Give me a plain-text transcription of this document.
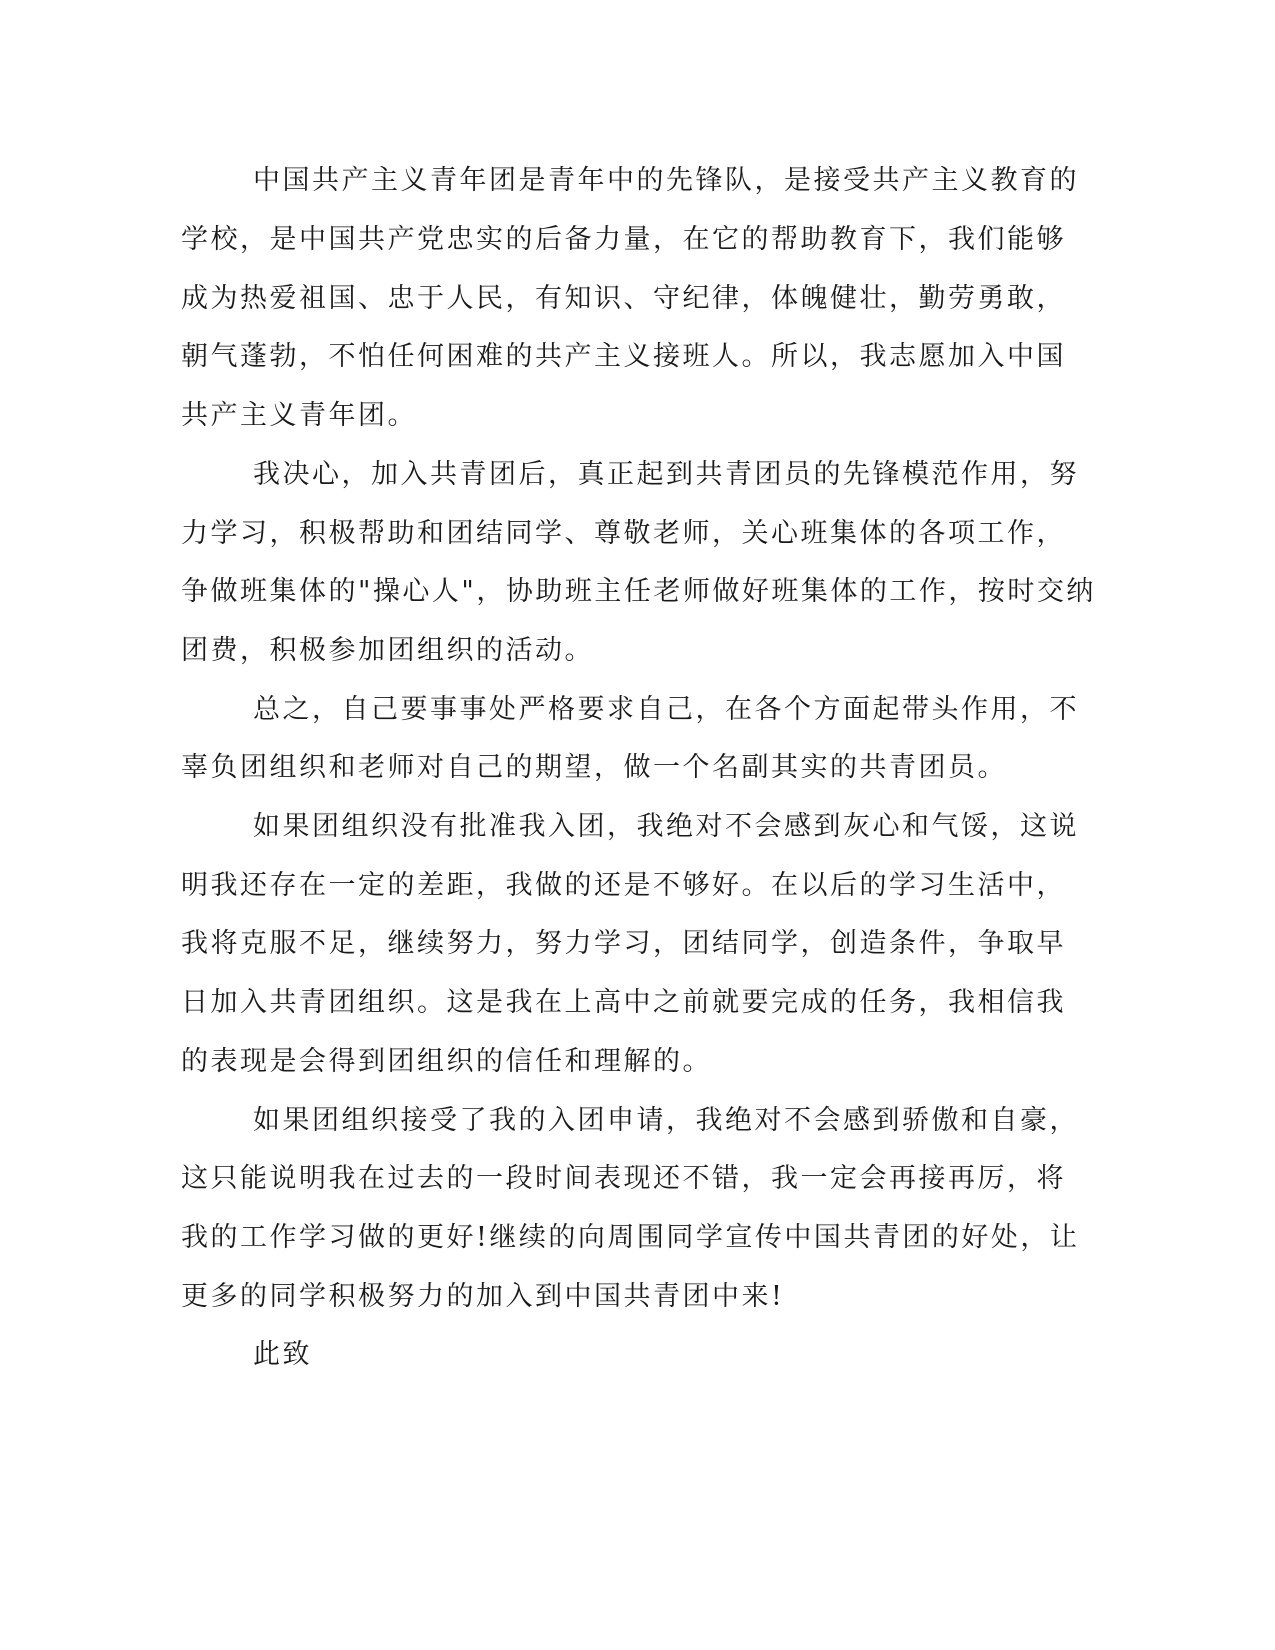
中国共产主义青年团是青年中的先锋队，是接受共产主义教育的
学校，是中国共产党忠实的后备力量，在它的帮助教育下，我们能够
成为热爱祖国、忠于人民，有知识、守纪律，体魄健壮，勤劳勇敢，
朝气蓬勃，不怕任何困难的共产主义接班人。所以，我志愿加入中国
共产主义青年团。
我决心，加入共青团后，真正起到共青团员的先锋模范作用，努
力学习，积极帮助和团结同学、尊敬老师，关心班集体的各项工作，
争做班集体的"操心人"，协助班主任老师做好班集体的工作，按时交纳
团费，积极参加团组织的活动。
总之，自己要事事处严格要求自己，在各个方面起带头作用，不
辜负团组织和老师对自己的期望，做一个名副其实的共青团员。
如果团组织没有批准我入团，我绝对不会感到灰心和气馁，这说
明我还存在一定的差距，我做的还是不够好。在以后的学习生活中，
我将克服不足，继续努力，努力学习，团结同学，创造条件，争取早
日加入共青团组织。这是我在上高中之前就要完成的任务，我相信我
的表现是会得到团组织的信任和理解的。
如果团组织接受了我的入团申请，我绝对不会感到骄傲和自豪，
这只能说明我在过去的一段时间表现还不错，我一定会再接再厉，将
我的工作学习做的更好!继续的向周围同学宣传中国共青团的好处，让
更多的同学积极努力的加入到中国共青团中来!
此致
